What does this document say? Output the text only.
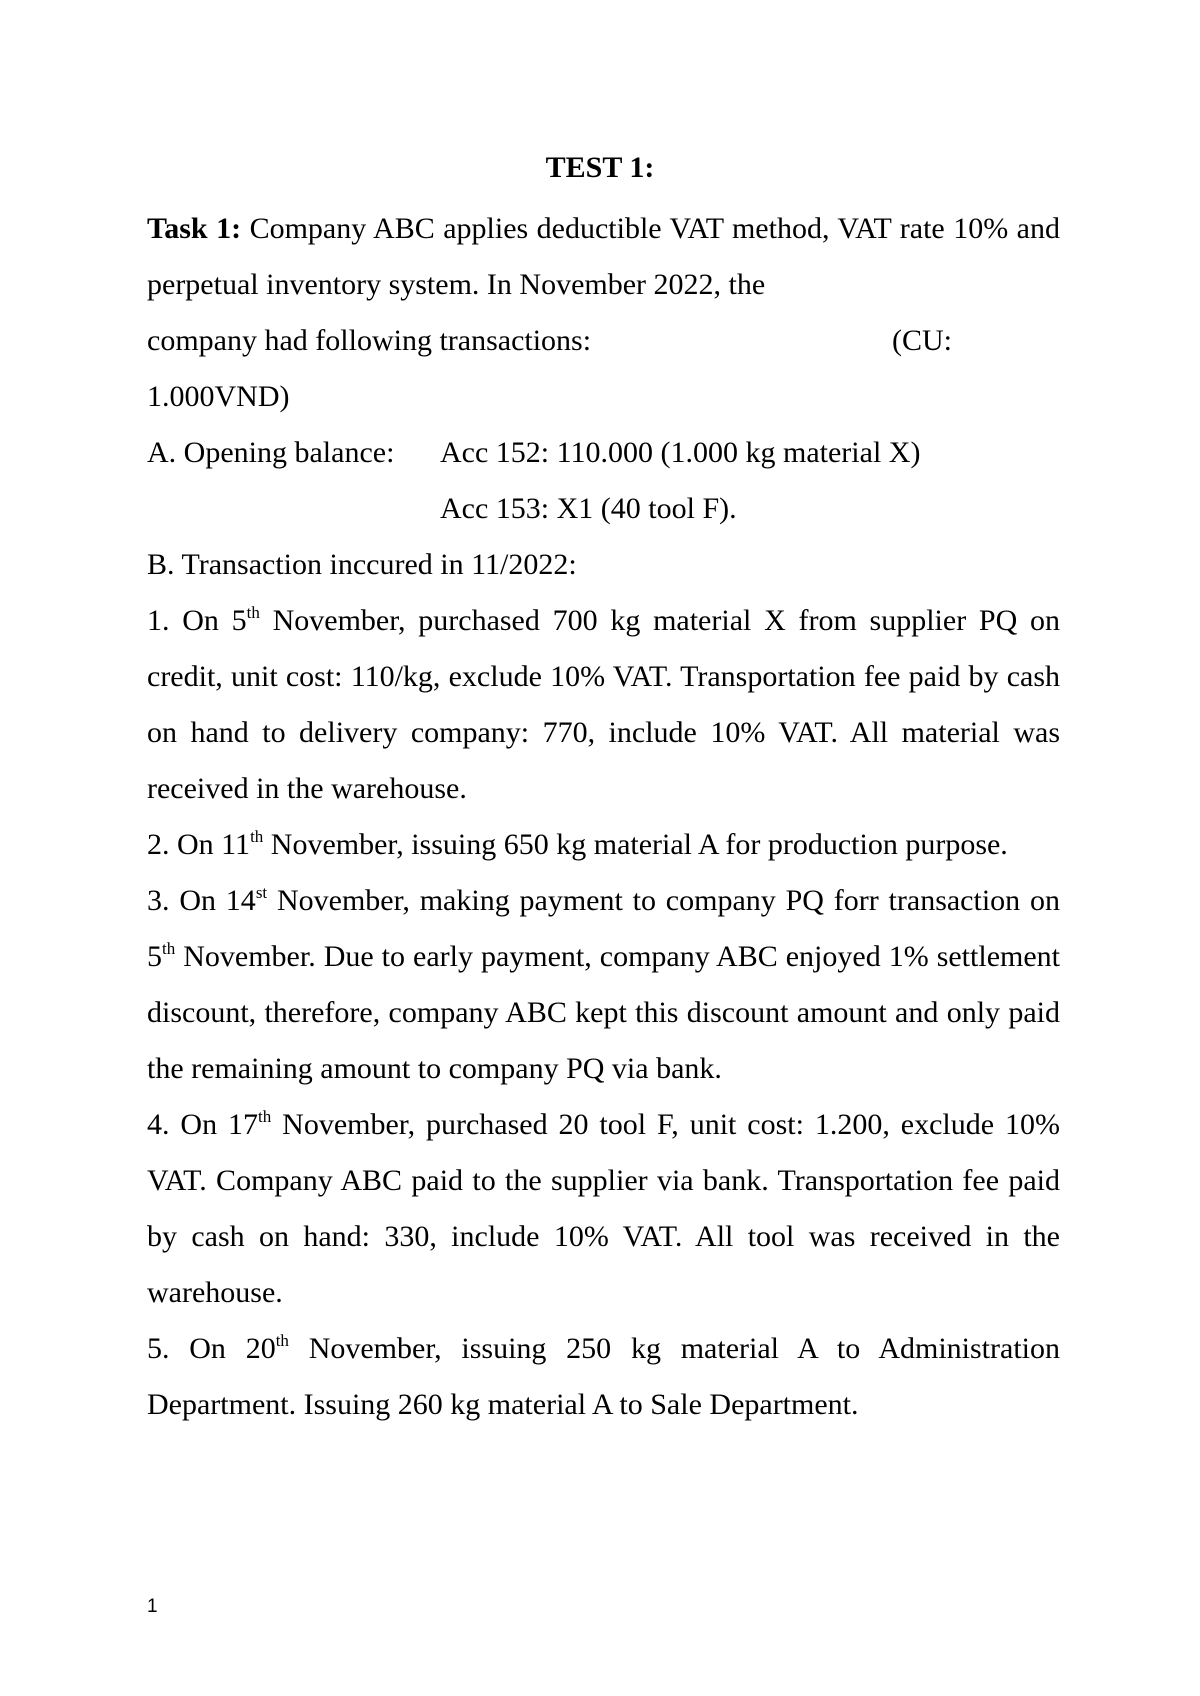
TEST 1:

Task 1: Company ABC applies deductible VAT method, VAT rate 10% and perpetual inventory system. In November 2022, the

company had following transactions:	(CU:
1.000VND)
A. Opening balance:	Acc 152: 110.000 (1.000 kg material X)
Acc 153: X1 (40 tool F).
B. Transaction inccured in 11/2022:

1. On 5th November, purchased 700 kg material X from supplier PQ on credit, unit cost: 110/kg, exclude 10% VAT. Transportation fee paid by cash on hand to delivery company: 770, include 10% VAT. All material was received in the warehouse.

2. On 11th November, issuing 650 kg material A for production purpose.

3. On 14st November, making payment to company PQ forr transaction on 5th November. Due to early payment, company ABC enjoyed 1% settlement discount, therefore, company ABC kept this discount amount and only paid the remaining amount to company PQ via bank.

4. On 17th November, purchased 20 tool F, unit cost: 1.200, exclude 10% VAT. Company ABC paid to the supplier via bank. Transportation fee paid by cash on hand: 330, include 10% VAT. All tool was received in the warehouse.

5. On 20th November, issuing 250 kg material A to Administration Department. Issuing 260 kg material A to Sale Department.

1
